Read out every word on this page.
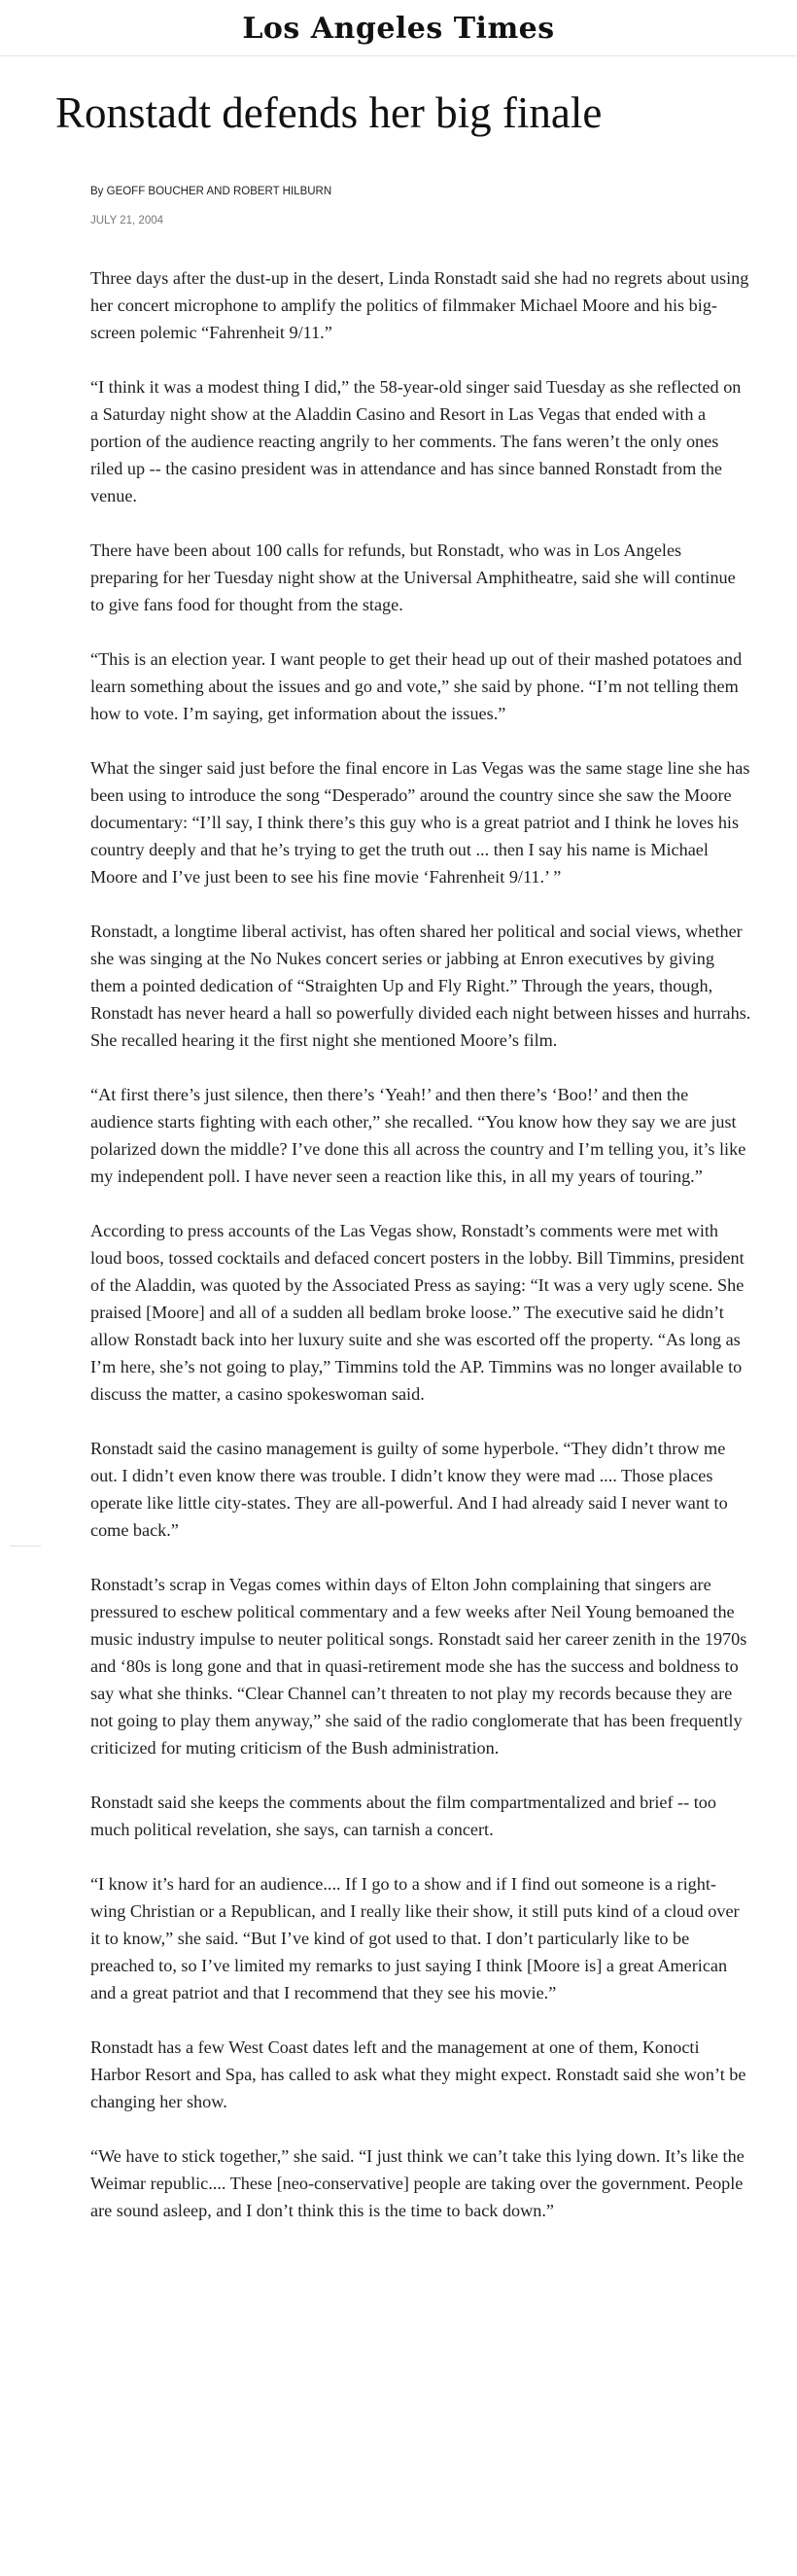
Los Angeles Times
Ronstadt defends her big finale
By GEOFF BOUCHER AND ROBERT HILBURN
JULY 21, 2004

Three days after the dust-up in the desert, Linda Ronstadt said she had no regrets about using her concert microphone to amplify the politics of filmmaker Michael Moore and his big-screen polemic “Fahrenheit 9/11.”

“I think it was a modest thing I did,” the 58-year-old singer said Tuesday as she reflected on a Saturday night show at the Aladdin Casino and Resort in Las Vegas that ended with a portion of the audience reacting angrily to her comments. The fans weren’t the only ones riled up -- the casino president was in attendance and has since banned Ronstadt from the venue.

There have been about 100 calls for refunds, but Ronstadt, who was in Los Angeles preparing for her Tuesday night show at the Universal Amphitheatre, said she will continue to give fans food for thought from the stage.

“This is an election year. I want people to get their head up out of their mashed potatoes and learn something about the issues and go and vote,” she said by phone. “I’m not telling them how to vote. I’m saying, get information about the issues.”

What the singer said just before the final encore in Las Vegas was the same stage line she has been using to introduce the song “Desperado” around the country since she saw the Moore documentary: “I’ll say, I think there’s this guy who is a great patriot and I think he loves his country deeply and that he’s trying to get the truth out ... then I say his name is Michael Moore and I’ve just been to see his fine movie ‘Fahrenheit 9/11.’ ”

Ronstadt, a longtime liberal activist, has often shared her political and social views, whether she was singing at the No Nukes concert series or jabbing at Enron executives by giving them a pointed dedication of “Straighten Up and Fly Right.” Through the years, though, Ronstadt has never heard a hall so powerfully divided each night between hisses and hurrahs. She recalled hearing it the first night she mentioned Moore’s film.

“At first there’s just silence, then there’s ‘Yeah!’ and then there’s ‘Boo!’ and then the audience starts fighting with each other,” she recalled. “You know how they say we are just polarized down the middle? I’ve done this all across the country and I’m telling you, it’s like my independent poll. I have never seen a reaction like this, in all my years of touring.”

According to press accounts of the Las Vegas show, Ronstadt’s comments were met with loud boos, tossed cocktails and defaced concert posters in the lobby. Bill Timmins, president of the Aladdin, was quoted by the Associated Press as saying: “It was a very ugly scene. She praised [Moore] and all of a sudden all bedlam broke loose.” The executive said he didn’t allow Ronstadt back into her luxury suite and she was escorted off the property. “As long as I’m here, she’s not going to play,” Timmins told the AP. Timmins was no longer available to discuss the matter, a casino spokeswoman said.

Ronstadt said the casino management is guilty of some hyperbole. “They didn’t throw me out. I didn’t even know there was trouble. I didn’t know they were mad .... Those places operate like little city-states. They are all-powerful. And I had already said I never want to come back.”

Ronstadt’s scrap in Vegas comes within days of Elton John complaining that singers are pressured to eschew political commentary and a few weeks after Neil Young bemoaned the music industry impulse to neuter political songs. Ronstadt said her career zenith in the 1970s and ‘80s is long gone and that in quasi-retirement mode she has the success and boldness to say what she thinks. “Clear Channel can’t threaten to not play my records because they are not going to play them anyway,” she said of the radio conglomerate that has been frequently criticized for muting criticism of the Bush administration.

Ronstadt said she keeps the comments about the film compartmentalized and brief -- too much political revelation, she says, can tarnish a concert.

“I know it’s hard for an audience.... If I go to a show and if I find out someone is a right-wing Christian or a Republican, and I really like their show, it still puts kind of a cloud over it to know,” she said. “But I’ve kind of got used to that. I don’t particularly like to be preached to, so I’ve limited my remarks to just saying I think [Moore is] a great American and a great patriot and that I recommend that they see his movie.”

Ronstadt has a few West Coast dates left and the management at one of them, Konocti Harbor Resort and Spa, has called to ask what they might expect. Ronstadt said she won’t be changing her show.

“We have to stick together,” she said. “I just think we can’t take this lying down. It’s like the Weimar republic.... These [neo-conservative] people are taking over the government. People are sound asleep, and I don’t think this is the time to back down.”
